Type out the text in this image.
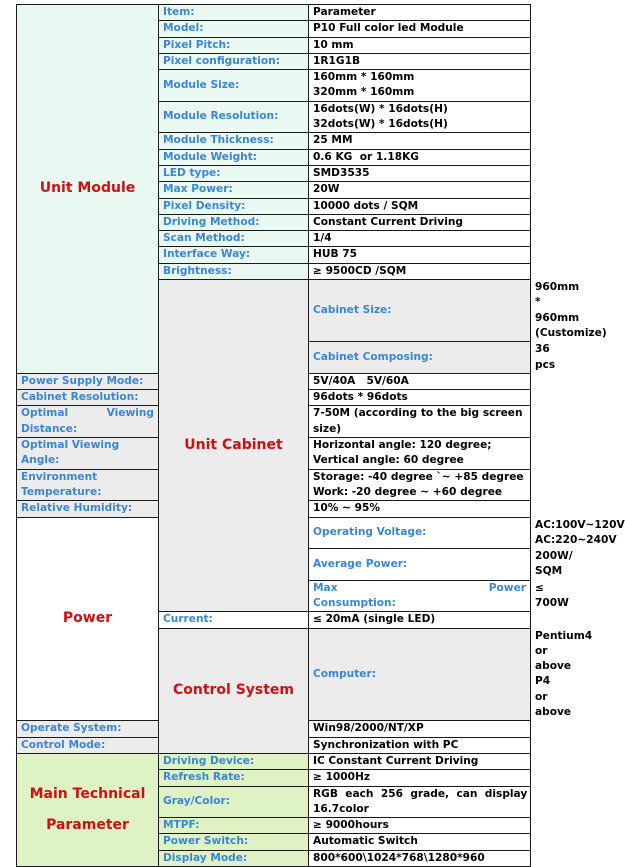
Unit Module	Item:	Parameter	
	Model:	P10 Full color led Module	
	Pixel Pitch:	10 mm	
	Pixel configuration:	1R1G1B	
	Module Size:	160mm * 160mm
320mm * 160mm	

	Module Resolution:	16dots(W) * 16dots(H)
32dots(W) * 16dots(H)	

	Module Thickness:	25 MM	
	Module Weight:	0.6 KG  or 1.18KG	
	LED type:	SMD3535	
	Max Power:	20W	
	Pixel Density:	10000 dots / SQM	
	Driving Method:	Constant Current Driving	
	Scan Method:	1/4	
	Interface Way:	HUB 75	
	Brightness:	≥ 9500CD /SQM	
	Unit Cabinet	Cabinet Size:	960mm * 960mm (Customize)
		Cabinet Composing:	36 pcs
Power Supply Mode:		5V/40A   5V/60A	
Cabinet Resolution:		96dots * 96dots	

Optimal Viewing
Distance:		7-50M (according to the big screen
size)	

Optimal Viewing Angle:		Horizontal angle: 120 degree;
Vertical angle: 60 degree	

Environment
Temperature:		Storage: -40 degree `~ +85 degree
Work: -20 degree ~ +60 degree	

Relative Humidity:		10% ~ 95%	
Power		Operating Voltage:	AC:100V~120V AC:220~240V
		Average Power:	200W/ SQM

		Max Power
Consumption:	≤ 700W
	Current:	≤ 20mA (single LED)	
	Control System	Computer:	Pentium4 or above P4 or above
Operate System:		Win98/2000/NT/XP	
Control Mode:		Synchronization with PC	

Main Technical
Parameter	Driving Device:	IC Constant Current Driving	
	Refresh Rate:	≥ 1000Hz	
	Gray/Color:	RGB  each  256  grade,  can  display
16.7color	

	MTPF:	≥ 9000hours	
	Power Switch:	Automatic Switch	
	Display Mode:	800*600\1024*768\1280*960	
